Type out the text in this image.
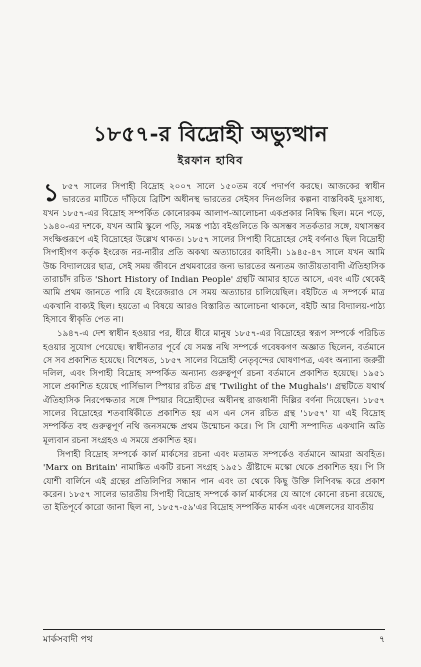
১৮৫৭-র বিদ্রোহী অভ্যুত্থান
ইরফান হাবিব

১ ৮৫৭ সালের সিপাহী বিদ্রোহ ২০০৭ সালে ১৫০তম বর্ষে পদার্পণ করছে। আজকের স্বাধীন ভারতের মাটিতে দাঁড়িয়ে ব্রিটিশ অধীনস্থ ভারতের সেইসব দিনগুলির কল্পনা বাস্তবিকই দুঃসাধ্য, যখন ১৮৫৭-এর বিদ্রোহ সম্পর্কিত কোনোরকম আলাপ-আলোচনা একপ্রকার নিষিদ্ধ ছিল। মনে পড়ে, ১৯৪০-এর দশকে, যখন আমি স্কুলে পড়ি, সমস্ত পাঠ্য বইগুলিতে কি অসম্ভব সতর্কতার সঙ্গে, যথাসম্ভব সংক্ষিপ্তরূপে এই বিদ্রোহের উল্লেখ থাকত। ১৮৫৭ সালের সিপাহী বিদ্রোহের সেই বর্ণনাও ছিল বিদ্রোহী সিপাহীগণ কর্তৃক ইংরেজ নর-নারীর প্রতি অকথ্য অত্যাচারের কাহিনী। ১৯৪৫-৪৭ সালে যখন আমি উচ্চ বিদ্যালয়ের ছাত্র, সেই সময় জীবনে প্রথমবারের জন্য ভারতের অন্যতম জাতীয়তাবাদী ঐতিহাসিক তারাচাঁদ রচিত 'Short History of Indian People' গ্রন্থটি আমার হাতে আসে, এবং এটি থেকেই আমি প্রথম জানতে পারি যে ইংরেজরাও সে সময় অত্যাচার চালিয়েছিল। বইটিতে এ সম্পর্কে মাত্র একখানি বাক্যই ছিল। হয়তো এ বিষয়ে আরও বিস্তারিত আলোচনা থাকলে, বইটি আর বিদ্যালয়-পাঠ্য হিসাবে স্বীকৃতি পেত না।

১৯৪৭-এ দেশ স্বাধীন হওয়ার পর, ধীরে ধীরে মানুষ ১৮৫৭-এর বিদ্রোহের স্বরূপ সম্পর্কে পরিচিত হওয়ার সুযোগ পেয়েছে। স্বাধীনতার পূর্বে যে সমস্ত নথি সম্পর্কে গবেষকগণ অজ্ঞাত ছিলেন, বর্তমানে সে সব প্রকাশিত হয়েছে। বিশেষত, ১৮৫৭ সালের বিদ্রোহী নেতৃবৃন্দের ঘোষণাপত্র, এবং অন্যান্য জরুরী দলিল, এবং সিপাহী বিদ্রোহ সম্পর্কিত অন্যান্য গুরুত্বপূর্ণ রচনা বর্তমানে প্রকাশিত হয়েছে। ১৯৫১ সালে প্রকাশিত হয়েছে পার্সিভাল স্পিয়ার রচিত গ্রন্থ 'Twilight of the Mughals'। গ্রন্থটিতে যথার্থ ঐতিহাসিক নিরপেক্ষতার সঙ্গে স্পিয়ার বিদ্রোহীদের অধীনস্থ রাজধানী দিল্লির বর্ণনা দিয়েছেন। ১৮৫৭ সালের বিদ্রোহের শতবার্ষিকীতে প্রকাশিত হয় এস এন সেন রচিত গ্রন্থ '১৮৫৭' যা এই বিদ্রোহ সম্পর্কিত বহু গুরুত্বপূর্ণ নথি জনসমক্ষে প্রথম উন্মোচন করে। পি সি যোশী সম্পাদিত একখানি অতি মূল্যবান রচনা সংগ্রহও এ সময়ে প্রকাশিত হয়।

সিপাহী বিদ্রোহ সম্পর্কে কার্ল মার্কসের রচনা এবং মতামত সম্পর্কেও বর্তমানে আমরা অবহিত। 'Marx on Britain' নামাঙ্কিত একটি রচনা সংগ্রহ ১৯৫১ খ্রীষ্টাব্দে মস্কো থেকে প্রকাশিত হয়। পি সি যোশী বার্লিনে এই গ্রন্থের প্রতিলিপির সন্ধান পান এবং তা থেকে কিছু উক্তি লিপিবদ্ধ করে প্রকাশ করেন। ১৮৫৭ সালের ভারতীয় সিপাহী বিদ্রোহ সম্পর্কে কার্ল মার্কসের যে আগে কোনো রচনা রয়েছে, তা ইতিপূর্বে কারো জানা ছিল না, ১৮৫৭-৫৯'এর বিদ্রোহ সম্পর্কিত মার্কস এবং এঙ্গেলসের যাবতীয়

মার্কসবাদী পথ	৭
